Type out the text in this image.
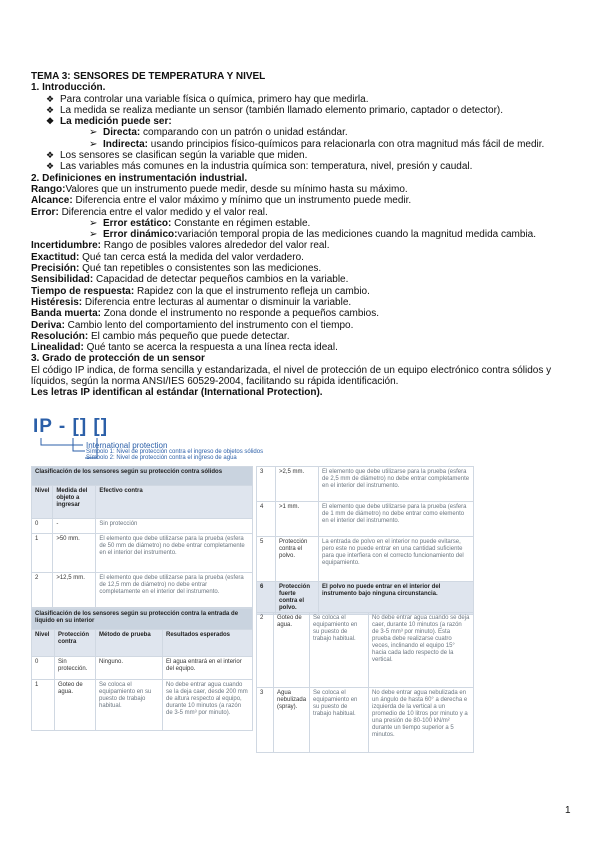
TEMA 3: SENSORES DE TEMPERATURA Y NIVEL
1. Introducción.
❖ Para controlar una variable física o química, primero hay que medirla.
❖ La medida se realiza mediante un sensor (también llamado elemento primario, captador o detector).
❖ La medición puede ser:
➢ Directa: comparando con un patrón o unidad estándar.
➢ Indirecta: usando principios físico-químicos para relacionarla con otra magnitud más fácil de medir.
❖ Los sensores se clasifican según la variable que miden.
❖ Las variables más comunes en la industria química son: temperatura, nivel, presión y caudal.
2. Definiciones en instrumentación industrial.
Rango:Valores que un instrumento puede medir, desde su mínimo hasta su máximo.
Alcance: Diferencia entre el valor máximo y mínimo que un instrumento puede medir.
Error: Diferencia entre el valor medido y el valor real.
➢ Error estático: Constante en régimen estable.
➢ Error dinámico:variación temporal propia de las mediciones cuando la magnitud medida cambia.
Incertidumbre: Rango de posibles valores alrededor del valor real.
Exactitud: Qué tan cerca está la medida del valor verdadero.
Precisión: Qué tan repetibles o consistentes son las mediciones.
Sensibilidad: Capacidad de detectar pequeños cambios en la variable.
Tiempo de respuesta: Rapidez con la que el instrumento refleja un cambio.
Histéresis: Diferencia entre lecturas al aumentar o disminuir la variable.
Banda muerta: Zona donde el instrumento no responde a pequeños cambios.
Deriva: Cambio lento del comportamiento del instrumento con el tiempo.
Resolución: El cambio más pequeño que puede detectar.
Linealidad: Qué tanto se acerca la respuesta a una línea recta ideal.
3. Grado de protección de un sensor
El código IP indica, de forma sencilla y estandarizada, el nivel de protección de un equipo electrónico contra sólidos y líquidos, según la norma ANSI/IES 60529-2004, facilitando su rápida identificación.
Les letras IP identifican al estándar (International Protection).
IP - [] []
International protection
Símbolo 1: Nivel de protección contra el ingreso de objetos sólidos
Símbolo 2: Nivel de protección contra el ingreso de agua
Clasificación de los sensores según su protección contra sólidos		
Nivel	Medida del objeto a ingresar	Efectivo contra
0	-	Sin protección
1	>50 mm.	El elemento que debe utilizarse para la prueba (esfera de 50 mm de diámetro) no debe entrar completamente en el interior del instrumento.
2	>12,5 mm.	El elemento que debe utilizarse para la prueba (esfera de 12,5 mm de diámetro) no debe entrar completamente en el interior del instrumento.
Clasificación de los sensores según su protección contra la entrada de líquido en su interior			
Nivel	Protección contra	Método de prueba	Resultados esperados
0	Sin protección.	Ninguno.	El agua entrará en el interior del equipo.
1	Goteo de agua.	Se coloca el equipamiento en su puesto de trabajo habitual.	No debe entrar agua cuando se la deja caer, desde 200 mm de altura respecto al equipo, durante 10 minutos (a razón de 3-5 mm³ por minuto).
3	>2,5 mm.	El elemento que debe utilizarse para la prueba (esfera de 2,5 mm de diámetro) no debe entrar completamente en el interior del instrumento.
4	>1 mm.	El elemento que debe utilizarse para la prueba (esfera de 1 mm de diámetro) no debe entrar como elemento en el interior del instrumento.
5	Protección contra el polvo.	La entrada de polvo en el interior no puede evitarse, pero este no puede entrar en una cantidad suficiente para que interfiera con el correcto funcionamiento del equipamiento.
6	Protección fuerte contra el polvo.	El polvo no puede entrar en el interior del instrumento bajo ninguna circunstancia.
2	Goteo de agua.	Se coloca el equipamiento en su puesto de trabajo habitual.	No debe entrar agua cuando se deja caer, durante 10 minutos (a razón de 3-5 mm³ por minuto). Esta prueba debe realizarse cuatro veces, inclinando el equipo 15° hacia cada lado respecto de la vertical.
3	Agua nebulizada (spray).	Se coloca el equipamiento en su puesto de trabajo habitual.	No debe entrar agua nebulizada en un ángulo de hasta 60° a derecha e izquierda de la vertical a un promedio de 10 litros por minuto y a una presión de 80-100 kN/m² durante un tiempo superior a 5 minutos.
1
